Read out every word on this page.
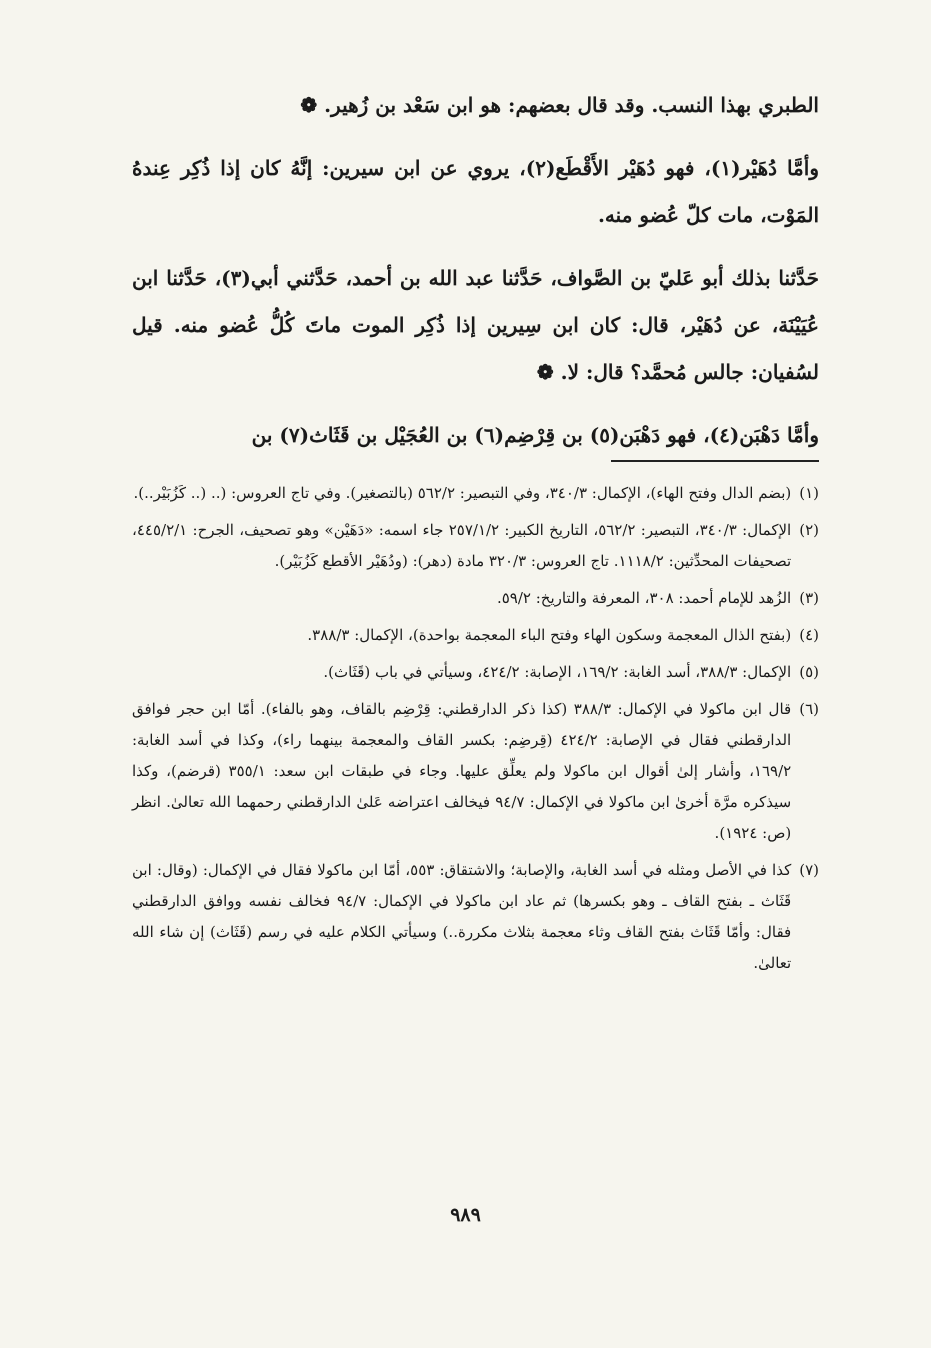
الطبري بهذا النسب. وقد قال بعضهم: هو ابن سَعْد بن زُهير. ❁

وأمَّا دُهَيْر(١)، فهو دُهَيْر الأَقْطَع(٢)، يروي عن ابن سيرين: إنَّهُ كان إذا ذُكِر عِندهُ المَوْت، مات كلّ عُضو منه.

حَدَّثنا بذلك أبو عَليّ بن الصَّواف، حَدَّثنا عبد الله بن أحمد، حَدَّثني أبي(٣)، حَدَّثنا ابن عُيَيْنَة، عن دُهَيْر، قال: كان ابن سِيرين إذا ذُكِر الموت ماتَ كُلُّ عُضو منه. قيل لسُفيان: جالس مُحمَّد؟ قال: لا. ❁

وأمَّا دَهْبَن(٤)، فهو دَهْبَن(٥) بن قِرْضِم(٦) بن العُجَيْل بن قَثَاث(٧) بن

(١)
(بضم الدال وفتح الهاء)، الإكمال: ٣٤٠/٣، وفي التبصير: ٥٦٢/٢ (بالتصغير). وفي تاج العروس: (.. (.. كَزُبَيْر..).
(٢)
الإكمال: ٣٤٠/٣، التبصير: ٥٦٢/٢، التاريخ الكبير: ٢٥٧/١/٢ جاء اسمه: «دَهَيْن» وهو تصحيف، الجرح: ٤٤٥/٢/١، تصحيفات المحدِّثين: ١١١٨/٢. تاج العروس: ٣٢٠/٣ مادة (دهر): (ودُهَيْر الأقطع كَزُبَيْر).
(٣)
الزُهد للإمام أحمد: ٣٠٨، المعرفة والتاريخ: ٥٩/٢.
(٤)
(بفتح الذال المعجمة وسكون الهاء وفتح الباء المعجمة بواحدة)، الإكمال: ٣٨٨/٣.
(٥)
الإكمال: ٣٨٨/٣، أسد الغابة: ١٦٩/٢، الإصابة: ٤٢٤/٢، وسيأتي في باب (قَثَاث).
(٦)
قال ابن ماكولا في الإكمال: ٣٨٨/٣ (كذا ذكر الدارقطني: قِرْضِم بالقاف، وهو بالفاء). أمّا ابن حجر فوافق الدارقطني فقال في الإصابة: ٤٢٤/٢ (قِرضِم: بكسر القاف والمعجمة بينهما راء)، وكذا في أسد الغابة: ١٦٩/٢، وأشار إلىٰ أقوال ابن ماكولا ولم يعلِّق عليها. وجاء في طبقات ابن سعد: ٣٥٥/١ (قرضم)، وكذا سيذكره مرَّة أخرىٰ ابن ماكولا في الإكمال: ٩٤/٧ فيخالف اعتراضه عَلىٰ الدارقطني رحمهما الله تعالىٰ. انظر (ص: ١٩٢٤).
(٧)
كذا في الأصل ومثله في أسد الغابة، والإصابة؛ والاشتقاق: ٥٥٣، أمّا ابن ماكولا فقال في الإكمال: (وقال: ابن قَثَاث ـ بفتح القاف ـ وهو بكسرها) ثم عاد ابن ماكولا في الإكمال: ٩٤/٧ فخالف نفسه ووافق الدارقطني فقال: وأمّا قَثَاث بفتح القاف وثاء معجمة بثلاث مكررة..) وسيأتي الكلام عليه في رسم (قَثَاث) إن شاء الله تعالىٰ.
٩٨٩
